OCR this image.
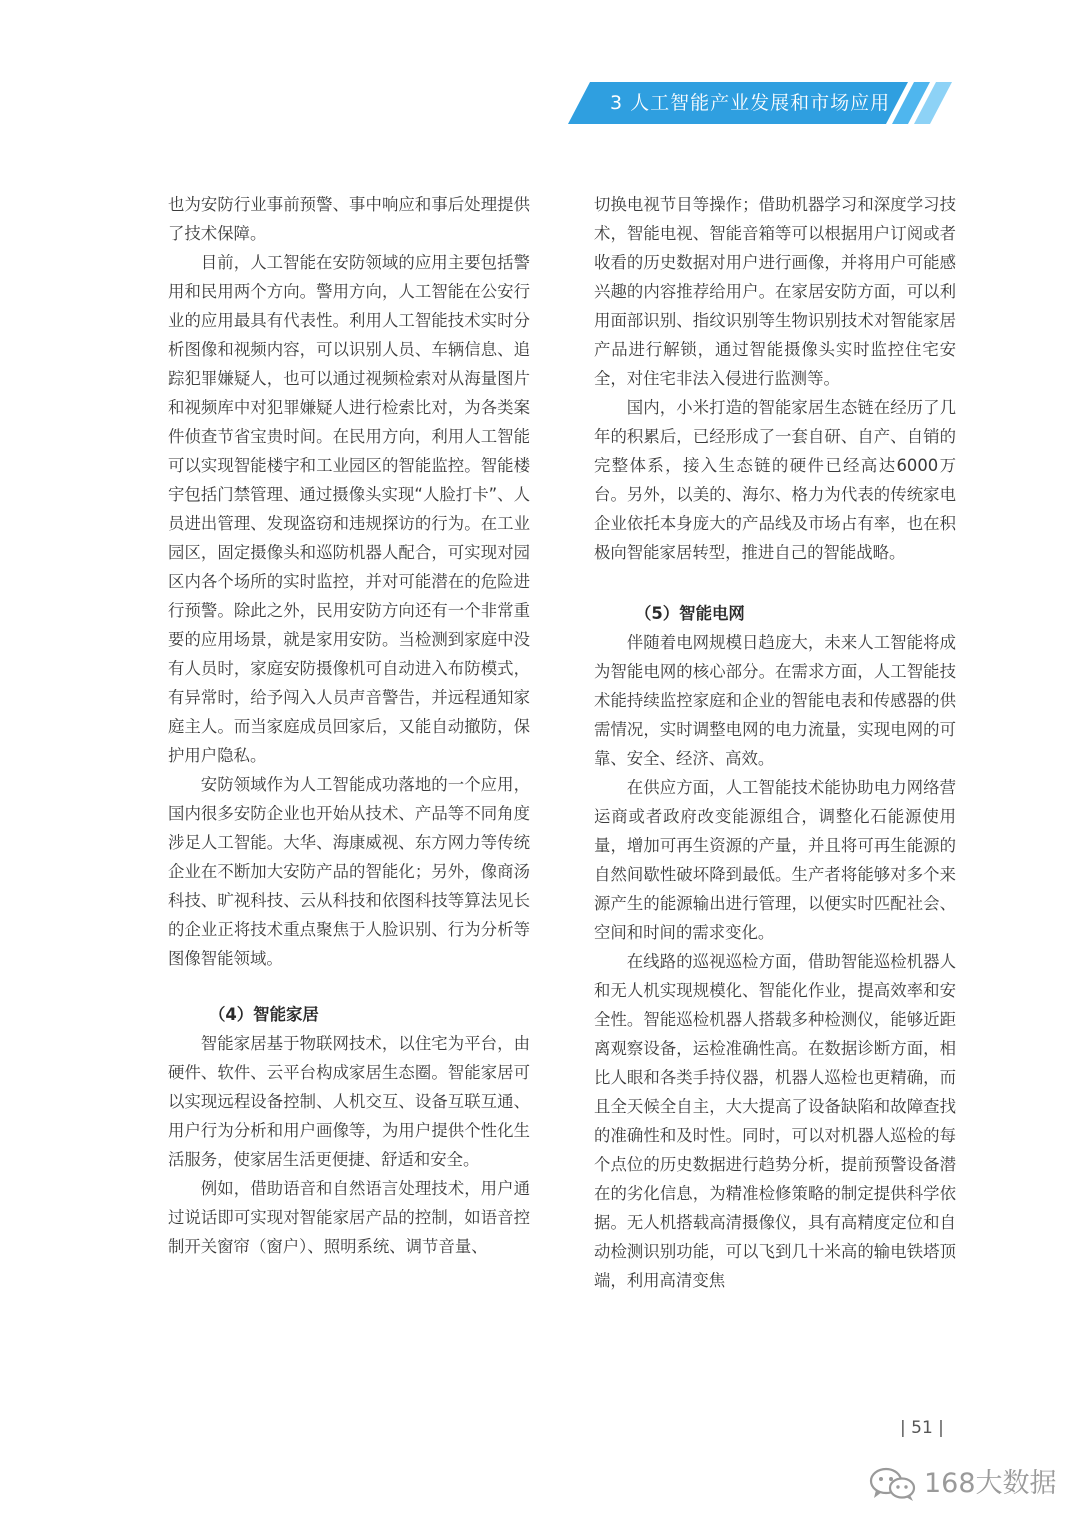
3 人工智能产业发展和市场应用

也为安防行业事前预警、事中响应和事后处理提供了技术保障。

目前，人工智能在安防领域的应用主要包括警用和民用两个方向。警用方向，人工智能在公安行业的应用最具有代表性。利用人工智能技术实时分析图像和视频内容，可以识别人员、车辆信息、追踪犯罪嫌疑人，也可以通过视频检索对从海量图片和视频库中对犯罪嫌疑人进行检索比对，为各类案件侦查节省宝贵时间。在民用方向，利用人工智能可以实现智能楼宇和工业园区的智能监控。智能楼宇包括门禁管理、通过摄像头实现“人脸打卡”、人员进出管理、发现盗窃和违规探访的行为。在工业园区，固定摄像头和巡防机器人配合，可实现对园区内各个场所的实时监控，并对可能潜在的危险进行预警。除此之外，民用安防方向还有一个非常重要的应用场景，就是家用安防。当检测到家庭中没有人员时，家庭安防摄像机可自动进入布防模式，有异常时，给予闯入人员声音警告，并远程通知家庭主人。而当家庭成员回家后，又能自动撤防，保护用户隐私。

安防领域作为人工智能成功落地的一个应用，国内很多安防企业也开始从技术、产品等不同角度涉足人工智能。大华、海康威视、东方网力等传统企业在不断加大安防产品的智能化；另外，像商汤科技、旷视科技、云从科技和依图科技等算法见长的企业正将技术重点聚焦于人脸识别、行为分析等图像智能领域。

（4）智能家居

智能家居基于物联网技术，以住宅为平台，由硬件、软件、云平台构成家居生态圈。智能家居可以实现远程设备控制、人机交互、设备互联互通、用户行为分析和用户画像等，为用户提供个性化生活服务，使家居生活更便捷、舒适和安全。

例如，借助语音和自然语言处理技术，用户通过说话即可实现对智能家居产品的控制，如语音控制开关窗帘（窗户）、照明系统、调节音量、

切换电视节目等操作；借助机器学习和深度学习技术，智能电视、智能音箱等可以根据用户订阅或者收看的历史数据对用户进行画像，并将用户可能感兴趣的内容推荐给用户。在家居安防方面，可以利用面部识别、指纹识别等生物识别技术对智能家居产品进行解锁，通过智能摄像头实时监控住宅安全，对住宅非法入侵进行监测等。

国内，小米打造的智能家居生态链在经历了几年的积累后，已经形成了一套自研、自产、自销的完整体系，接入生态链的硬件已经高达6000万台。另外，以美的、海尔、格力为代表的传统家电企业依托本身庞大的产品线及市场占有率，也在积极向智能家居转型，推进自己的智能战略。

（5）智能电网

伴随着电网规模日趋庞大，未来人工智能将成为智能电网的核心部分。在需求方面，人工智能技术能持续监控家庭和企业的智能电表和传感器的供需情况，实时调整电网的电力流量，实现电网的可靠、安全、经济、高效。

在供应方面，人工智能技术能协助电力网络营运商或者政府改变能源组合，调整化石能源使用量，增加可再生资源的产量，并且将可再生能源的自然间歇性破坏降到最低。生产者将能够对多个来源产生的能源输出进行管理，以便实时匹配社会、空间和时间的需求变化。

在线路的巡视巡检方面，借助智能巡检机器人和无人机实现规模化、智能化作业，提高效率和安全性。智能巡检机器人搭载多种检测仪，能够近距离观察设备，运检准确性高。在数据诊断方面，相比人眼和各类手持仪器，机器人巡检也更精确，而且全天候全自主，大大提高了设备缺陷和故障查找的准确性和及时性。同时，可以对机器人巡检的每个点位的历史数据进行趋势分析，提前预警设备潜在的劣化信息，为精准检修策略的制定提供科学依据。无人机搭载高清摄像仪，具有高精度定位和自动检测识别功能，可以飞到几十米高的输电铁塔顶端，利用高清变焦

| 51 |
168大数据
